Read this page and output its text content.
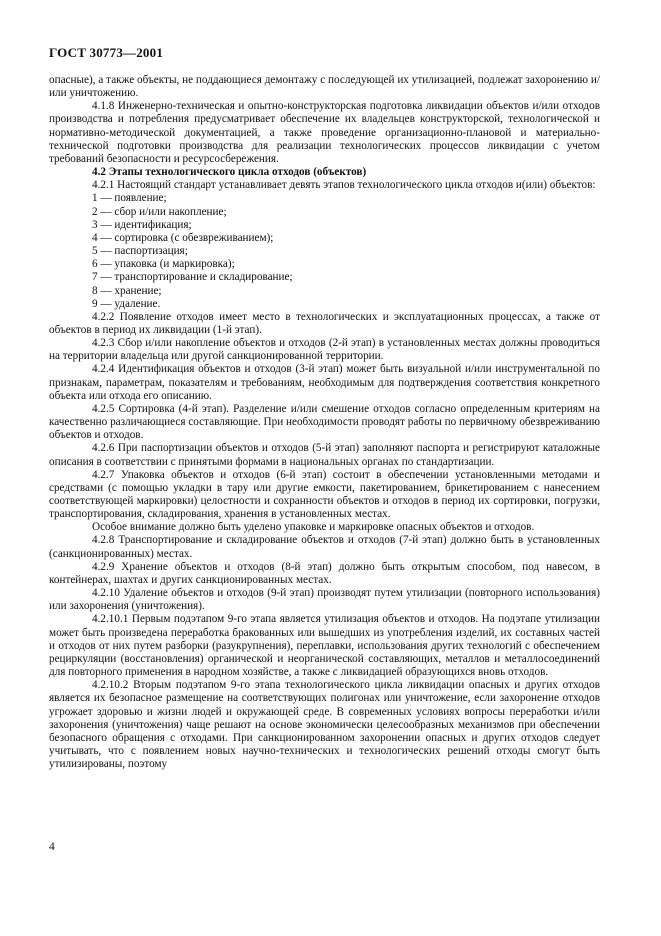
ГОСТ 30773—2001

опасные), а также объекты, не поддающиеся демонтажу с последующей их утилизацией, подлежат захоронению и/или уничтожению.

4.1.8 Инженерно-техническая и опытно-конструкторская подготовка ликвидации объектов и/или отходов производства и потребления предусматривает обеспечение их владельцев конструкторской, технологической и нормативно-методической документацией, а также проведение организационно-плановой и материально-технической подготовки производства для реализации технологических процессов ликвидации с учетом требований безопасности и ресурсосбережения.

4.2 Этапы технологического цикла отходов (объектов)

4.2.1 Настоящий стандарт устанавливает девять этапов технологического цикла отходов и(или) объектов:

1 — появление;

2 — сбор и/или накопление;

3 — идентификация;

4 — сортировка (с обезвреживанием);

5 — паспортизация;

6 — упаковка (и маркировка);

7 — транспортирование и складирование;

8 — хранение;

9 — удаление.

4.2.2 Появление отходов имеет место в технологических и эксплуатационных процессах, а также от объектов в период их ликвидации (1-й этап).

4.2.3 Сбор и/или накопление объектов и отходов (2-й этап) в установленных местах должны проводиться на территории владельца или другой санкционированной территории.

4.2.4 Идентификация объектов и отходов (3-й этап) может быть визуальной и/или инструментальной по признакам, параметрам, показателям и требованиям, необходимым для подтверждения соответствия конкретного объекта или отхода его описанию.

4.2.5 Сортировка (4-й этап). Разделение и/или смешение отходов согласно определенным критериям на качественно различающиеся составляющие. При необходимости проводят работы по первичному обезвреживанию объектов и отходов.

4.2.6 При паспортизации объектов и отходов (5-й этап) заполняют паспорта и регистрируют каталожные описания в соответствии с принятыми формами в национальных органах по стандартизации.

4.2.7 Упаковка объектов и отходов (6-й этап) состоит в обеспечении установленными методами и средствами (с помощью укладки в тару или другие емкости, пакетированием, брикетированием с нанесением соответствующей маркировки) целостности и сохранности объектов и отходов в период их сортировки, погрузки, транспортирования, складирования, хранения в установленных местах.

Особое внимание должно быть уделено упаковке и маркировке опасных объектов и отходов.

4.2.8 Транспортирование и складирование объектов и отходов (7-й этап) должно быть в установленных (санкционированных) местах.

4.2.9 Хранение объектов и отходов (8-й этап) должно быть открытым способом, под навесом, в контейнерах, шахтах и других санкционированных местах.

4.2.10 Удаление объектов и отходов (9-й этап) производят путем утилизации (повторного использования) или захоронения (уничтожения).

4.2.10.1 Первым подэтапом 9-го этапа является утилизация объектов и отходов. На подэтапе утилизации может быть произведена переработка бракованных или вышедших из употребления изделий, их составных частей и отходов от них путем разборки (разукрупнения), переплавки, использования других технологий с обеспечением рециркуляции (восстановления) органической и неорганической составляющих, металлов и металлосоединений для повторного применения в народном хозяйстве, а также с ликвидацией образующихся вновь отходов.

4.2.10.2 Вторым подэтапом 9-го этапа технологического цикла ликвидации опасных и других отходов является их безопасное размещение на соответствующих полигонах или уничтожение, если захоронение отходов угрожает здоровью и жизни людей и окружающей среде. В современных условиях вопросы переработки и/или захоронения (уничтожения) чаще решают на основе экономически целесообразных механизмов при обеспечении безопасного обращения с отходами. При санкционированном захоронении опасных и других отходов следует учитывать, что с появлением новых научно-технических и технологических решений отходы смогут быть утилизированы, поэтому

4
